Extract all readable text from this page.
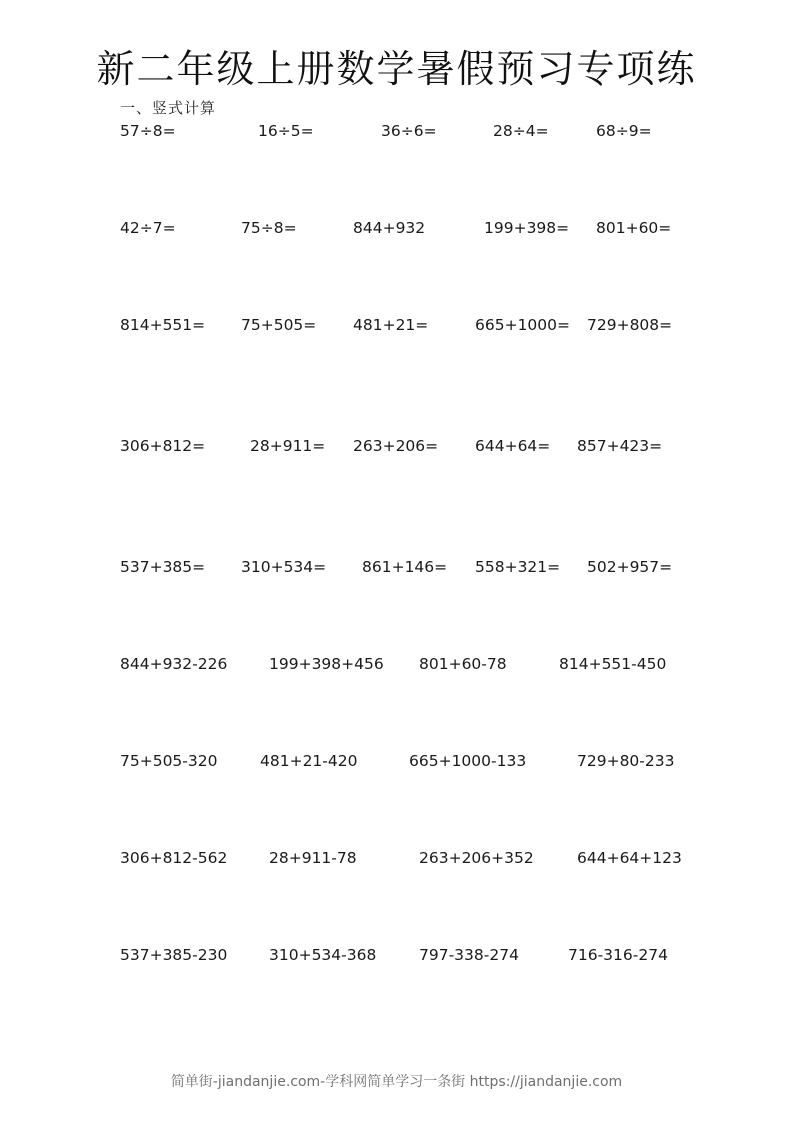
新二年级上册数学暑假预习专项练
一、竖式计算
57÷8=	16÷5=	36÷6=	28÷4=	68÷9=
42÷7=	75÷8=	844+932	199+398= 801+60=
814+551= 75+505= 481+21=	665+1000= 729+808=
306+812=	28+911= 263+206= 644+64= 857+423=
537+385= 310+534= 861+146= 558+321= 502+957=
844+932-226	199+398+456 801+60-78	814+551-450
75+505-320	481+21-420	665+1000-133	729+80-233
306+812-562	28+911-78	263+206+352	644+64+123
537+385-230	310+534-368	797-338-274	716-316-274
简单街-jiandanjie.com-学科网简单学习一条街 https://jiandanjie.com
